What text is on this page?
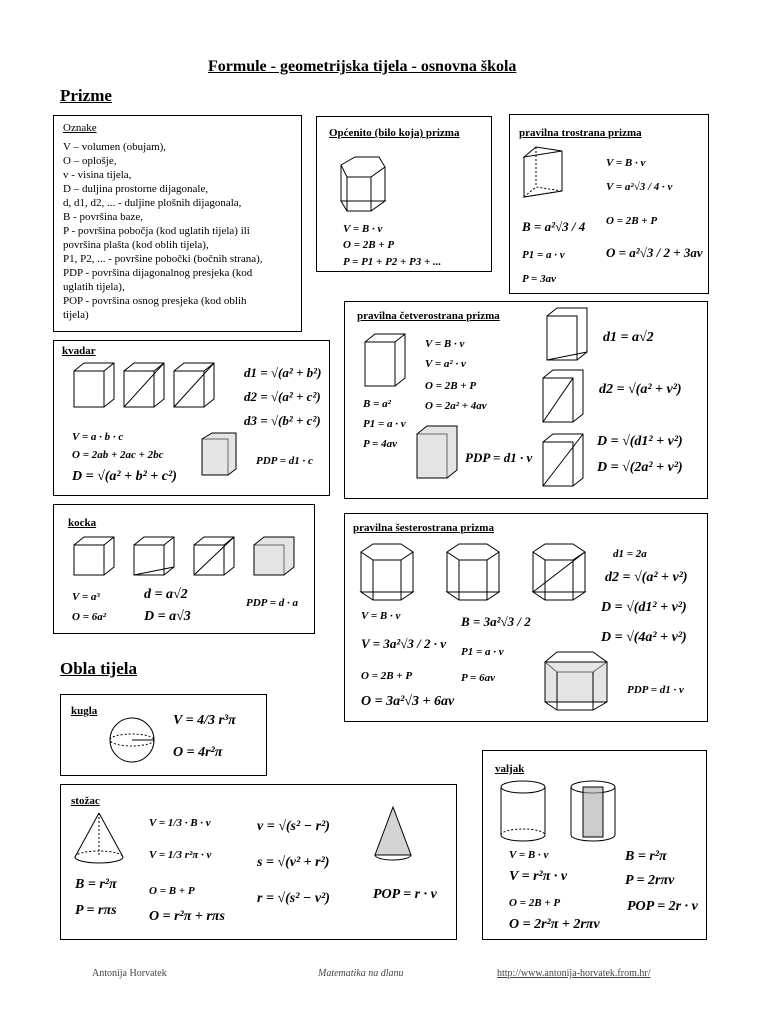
Formule - geometrijska tijela - osnovna škola
Prizme
Oznake
V – volumen (obujam),
O – oplošje,
v - visina tijela,
D – duljina prostorne dijagonale,
d, d1, d2, ... - duljine plošnih dijagonala,
B - površina baze,
P - površina pobočja (kod uglatih tijela) ili
površina plašta (kod oblih tijela),
P1, P2, ... - površine pobočki (bočnih strana),
PDP - površina dijagonalnog presjeka (kod
uglatih tijela),
POP - površina osnog presjeka (kod oblih
tijela)
Općenito (bilo koja) prizma
V = B · v
O = 2B + P
P = P1 + P2 + P3 + ...
pravilna trostrana prizma
V = B · v
V = a²√3 / 4 · v
B = a²√3 / 4 O = 2B + P
P1 = a · v	O = a²√3 / 2 + 3av
P = 3av
kvadar
d1 = √(a² + b²)
d2 = √(a² + c²)
d3 = √(b² + c²)
V = a · b · c
O = 2ab + 2ac + 2bc
D = √(a² + b² + c²)
PDP = d1 · c
pravilna četverostrana prizma
V = B · v
V = a² · v
O = 2B + P
B = a²	O = 2a² + 4av
P1 = a · v
P = 4av
PDP = d1 · v
d1 = a√2
d2 = √(a² + v²)
D = √(d1² + v²)
D = √(2a² + v²)
kocka
V = a³
O = 6a²
d = a√2
D = a√3
PDP = d · a
pravilna šesterostrana prizma
d1 = 2a
d2 = √(a² + v²)
V = B · v	B = 3a²√3 / 2
D = √(d1² + v²)
V = 3a²√3 / 2 · v
P1 = a · v
D = √(4a² + v²)
O = 2B + P	P = 6av
PDP = d1 · v
O = 3a²√3 + 6av
Obla tijela
kugla
V = 4/3 r³π
O = 4r²π
valjak
V = B · v	B = r²π
V = r²π · v	P = 2rπv
O = 2B + P	POP = 2r · v
O = 2r²π + 2rπv
stožac
V = 1/3 · B · v	v = √(s² − r²)
V = 1/3 r²π · v	s = √(v² + r²)
B = r²π	O = B + P	r = √(s² − v²)
P = rπs O = r²π + rπs
POP = r · v
Antonija Horvatek	Matematika na dlanu	http://www.antonija-horvatek.from.hr/
